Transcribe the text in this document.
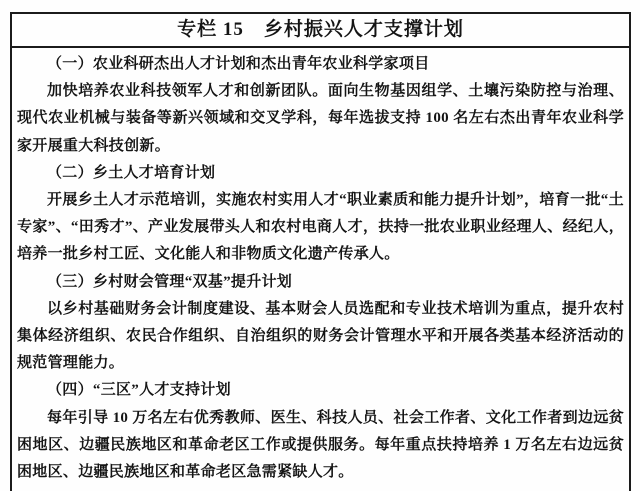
专栏 15　乡村振兴人才支撑计划

（一）农业科研杰出人才计划和杰出青年农业科学家项目

加快培养农业科技领军人才和创新团队。面向生物基因组学、土壤污染防控与治理、现代农业机械与装备等新兴领域和交叉学科，每年选拔支持 100 名左右杰出青年农业科学家开展重大科技创新。

（二）乡土人才培育计划

开展乡土人才示范培训，实施农村实用人才“职业素质和能力提升计划”，培育一批“土专家”、“田秀才”、产业发展带头人和农村电商人才，扶持一批农业职业经理人、经纪人，培养一批乡村工匠、文化能人和非物质文化遗产传承人。

（三）乡村财会管理“双基”提升计划

以乡村基础财务会计制度建设、基本财会人员选配和专业技术培训为重点，提升农村集体经济组织、农民合作组织、自治组织的财务会计管理水平和开展各类基本经济活动的规范管理能力。

（四）“三区”人才支持计划

每年引导 10 万名左右优秀教师、医生、科技人员、社会工作者、文化工作者到边远贫困地区、边疆民族地区和革命老区工作或提供服务。每年重点扶持培养 1 万名左右边远贫困地区、边疆民族地区和革命老区急需紧缺人才。
